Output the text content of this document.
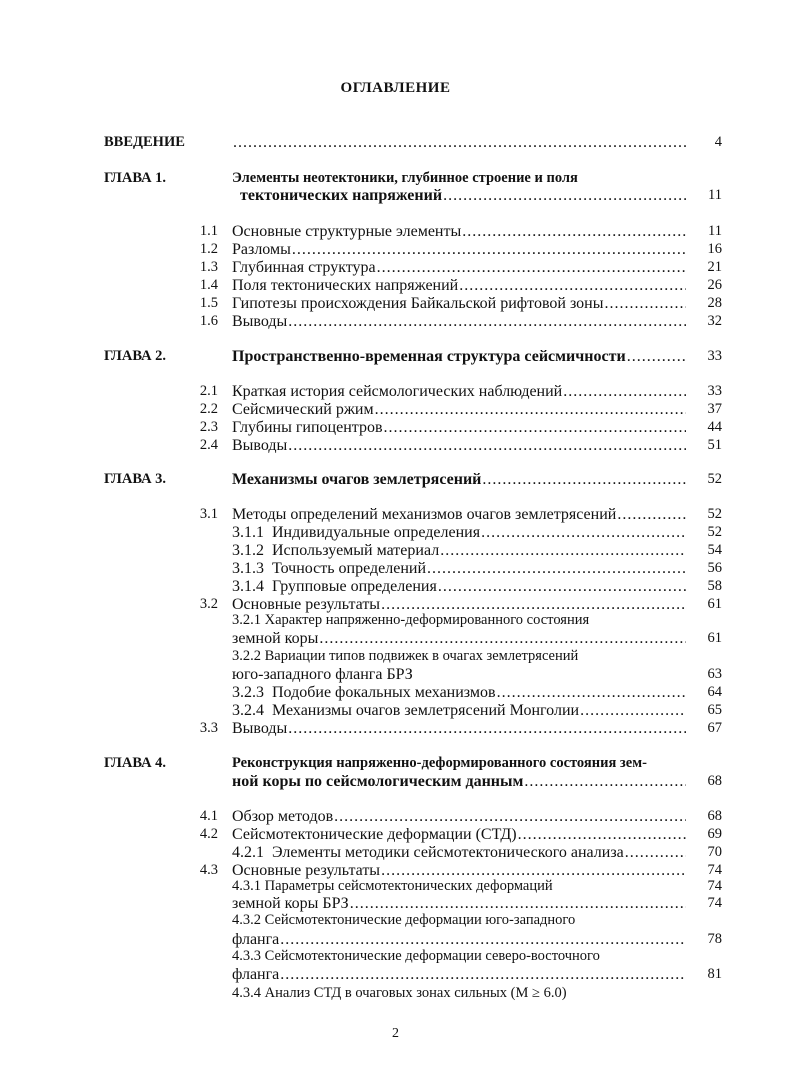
ОГЛАВЛЕНИЕ
ВВЕДЕНИЕ .....	4
ГЛАВА 1.	Элементы неотектоники, глубинное строение и поля
тектонических напряжений .....	11
1.1 Основные структурные элементы .....	11
1.2 Разломы .....	16
1.3 Глубинная структура .....	21
1.4 Поля тектонических напряжений .....	26
1.5 Гипотезы происхождения Байкальской рифтовой зоны .....	28
1.6 Выводы .....	32
ГЛАВА 2.	Пространственно-временная структура сейсмичности .....	33
2.1 Краткая история сейсмологических наблюдений .....	33
2.2 Сейсмический ржим .....	37
2.3 Глубины гипоцентров .....	44
2.4 Выводы .....	51
ГЛАВА 3.	Механизмы очагов землетрясений .....	52
3.1 Методы определений механизмов очагов землетрясений .....	52
3.1.1 Индивидуальные определения .....	52
3.1.2 Используемый материал .....	54
3.1.3 Точность определений .....	56
3.1.4 Групповые определения .....	58
3.2 Основные результаты .....	61
3.2.1 Характер напряженно-деформированного состояния
земной коры .....	61
3.2.2 Вариации типов подвижек в очагах землетрясений
юго-западного фланга БРЗ	63
3.2.3 Подобие фокальных механизмов .....	64
3.2.4 Механизмы очагов землетрясений Монголии .....	65
3.3 Выводы .....	67
ГЛАВА 4.	Реконструкция напряженно-деформированного состояния зем-
ной коры по сейсмологическим данным .....	68
4.1 Обзор методов .....	68
4.2 Сейсмотектонические деформации (СТД) .....	69
4.2.1 Элементы методики сейсмотектонического анализа .....	70
4.3 Основные результаты .....	74
4.3.1 Параметры сейсмотектонических деформаций	74
земной коры БРЗ .....	74
4.3.2 Сейсмотектонические деформации юго-западного
фланга .....	78
4.3.3 Сейсмотектонические деформации северо-восточного
фланга .....	81
4.3.4 Анализ СТД в очаговых зонах сильных (M ≥ 6.0)
2
